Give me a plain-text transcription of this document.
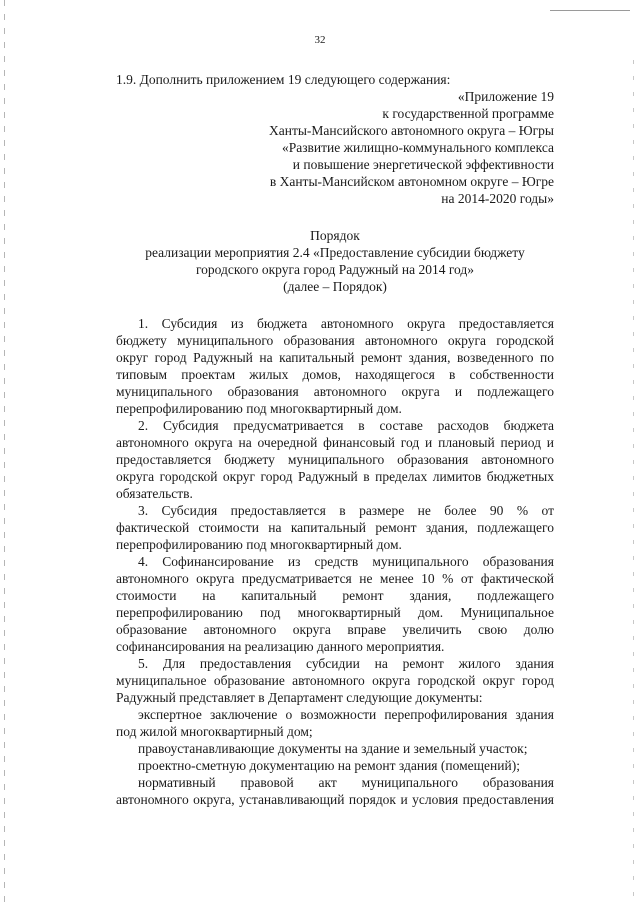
32
1.9. Дополнить приложением 19 следующего содержания:
«Приложение 19
к государственной программе
Ханты-Мансийского автономного округа – Югры
«Развитие жилищно-коммунального комплекса
и повышение энергетической эффективности
в Ханты-Мансийском автономном округе – Югре
на 2014-2020 годы»
Порядок
реализации мероприятия 2.4 «Предоставление субсидии бюджету
городского округа город Радужный на 2014 год»
(далее – Порядок)
1. Субсидия из бюджета автономного округа предоставляется
бюджету муниципального образования автономного округа городской
округ город Радужный на капитальный ремонт здания, возведенного по
типовым проектам жилых домов, находящегося в собственности
муниципального образования автономного округа и подлежащего
перепрофилированию под многоквартирный дом.
2. Субсидия предусматривается в составе расходов бюджета
автономного округа на очередной финансовый год и плановый период и
предоставляется бюджету муниципального образования автономного
округа городской округ город Радужный в пределах лимитов бюджетных
обязательств.
3. Субсидия предоставляется в размере не более 90 % от
фактической стоимости на капитальный ремонт здания, подлежащего
перепрофилированию под многоквартирный дом.
4. Софинансирование из средств муниципального образования
автономного округа предусматривается не менее 10 % от фактической
стоимости на капитальный ремонт здания, подлежащего
перепрофилированию под многоквартирный дом. Муниципальное
образование автономного округа вправе увеличить свою долю
софинансирования на реализацию данного мероприятия.
5. Для предоставления субсидии на ремонт жилого здания
муниципальное образование автономного округа городской округ город
Радужный представляет в Департамент следующие документы:
экспертное заключение о возможности перепрофилирования здания
под жилой многоквартирный дом;
правоустанавливающие документы на здание и земельный участок;
проектно-сметную документацию на ремонт здания (помещений);
нормативный правовой акт муниципального образования
автономного округа, устанавливающий порядок и условия предоставления
